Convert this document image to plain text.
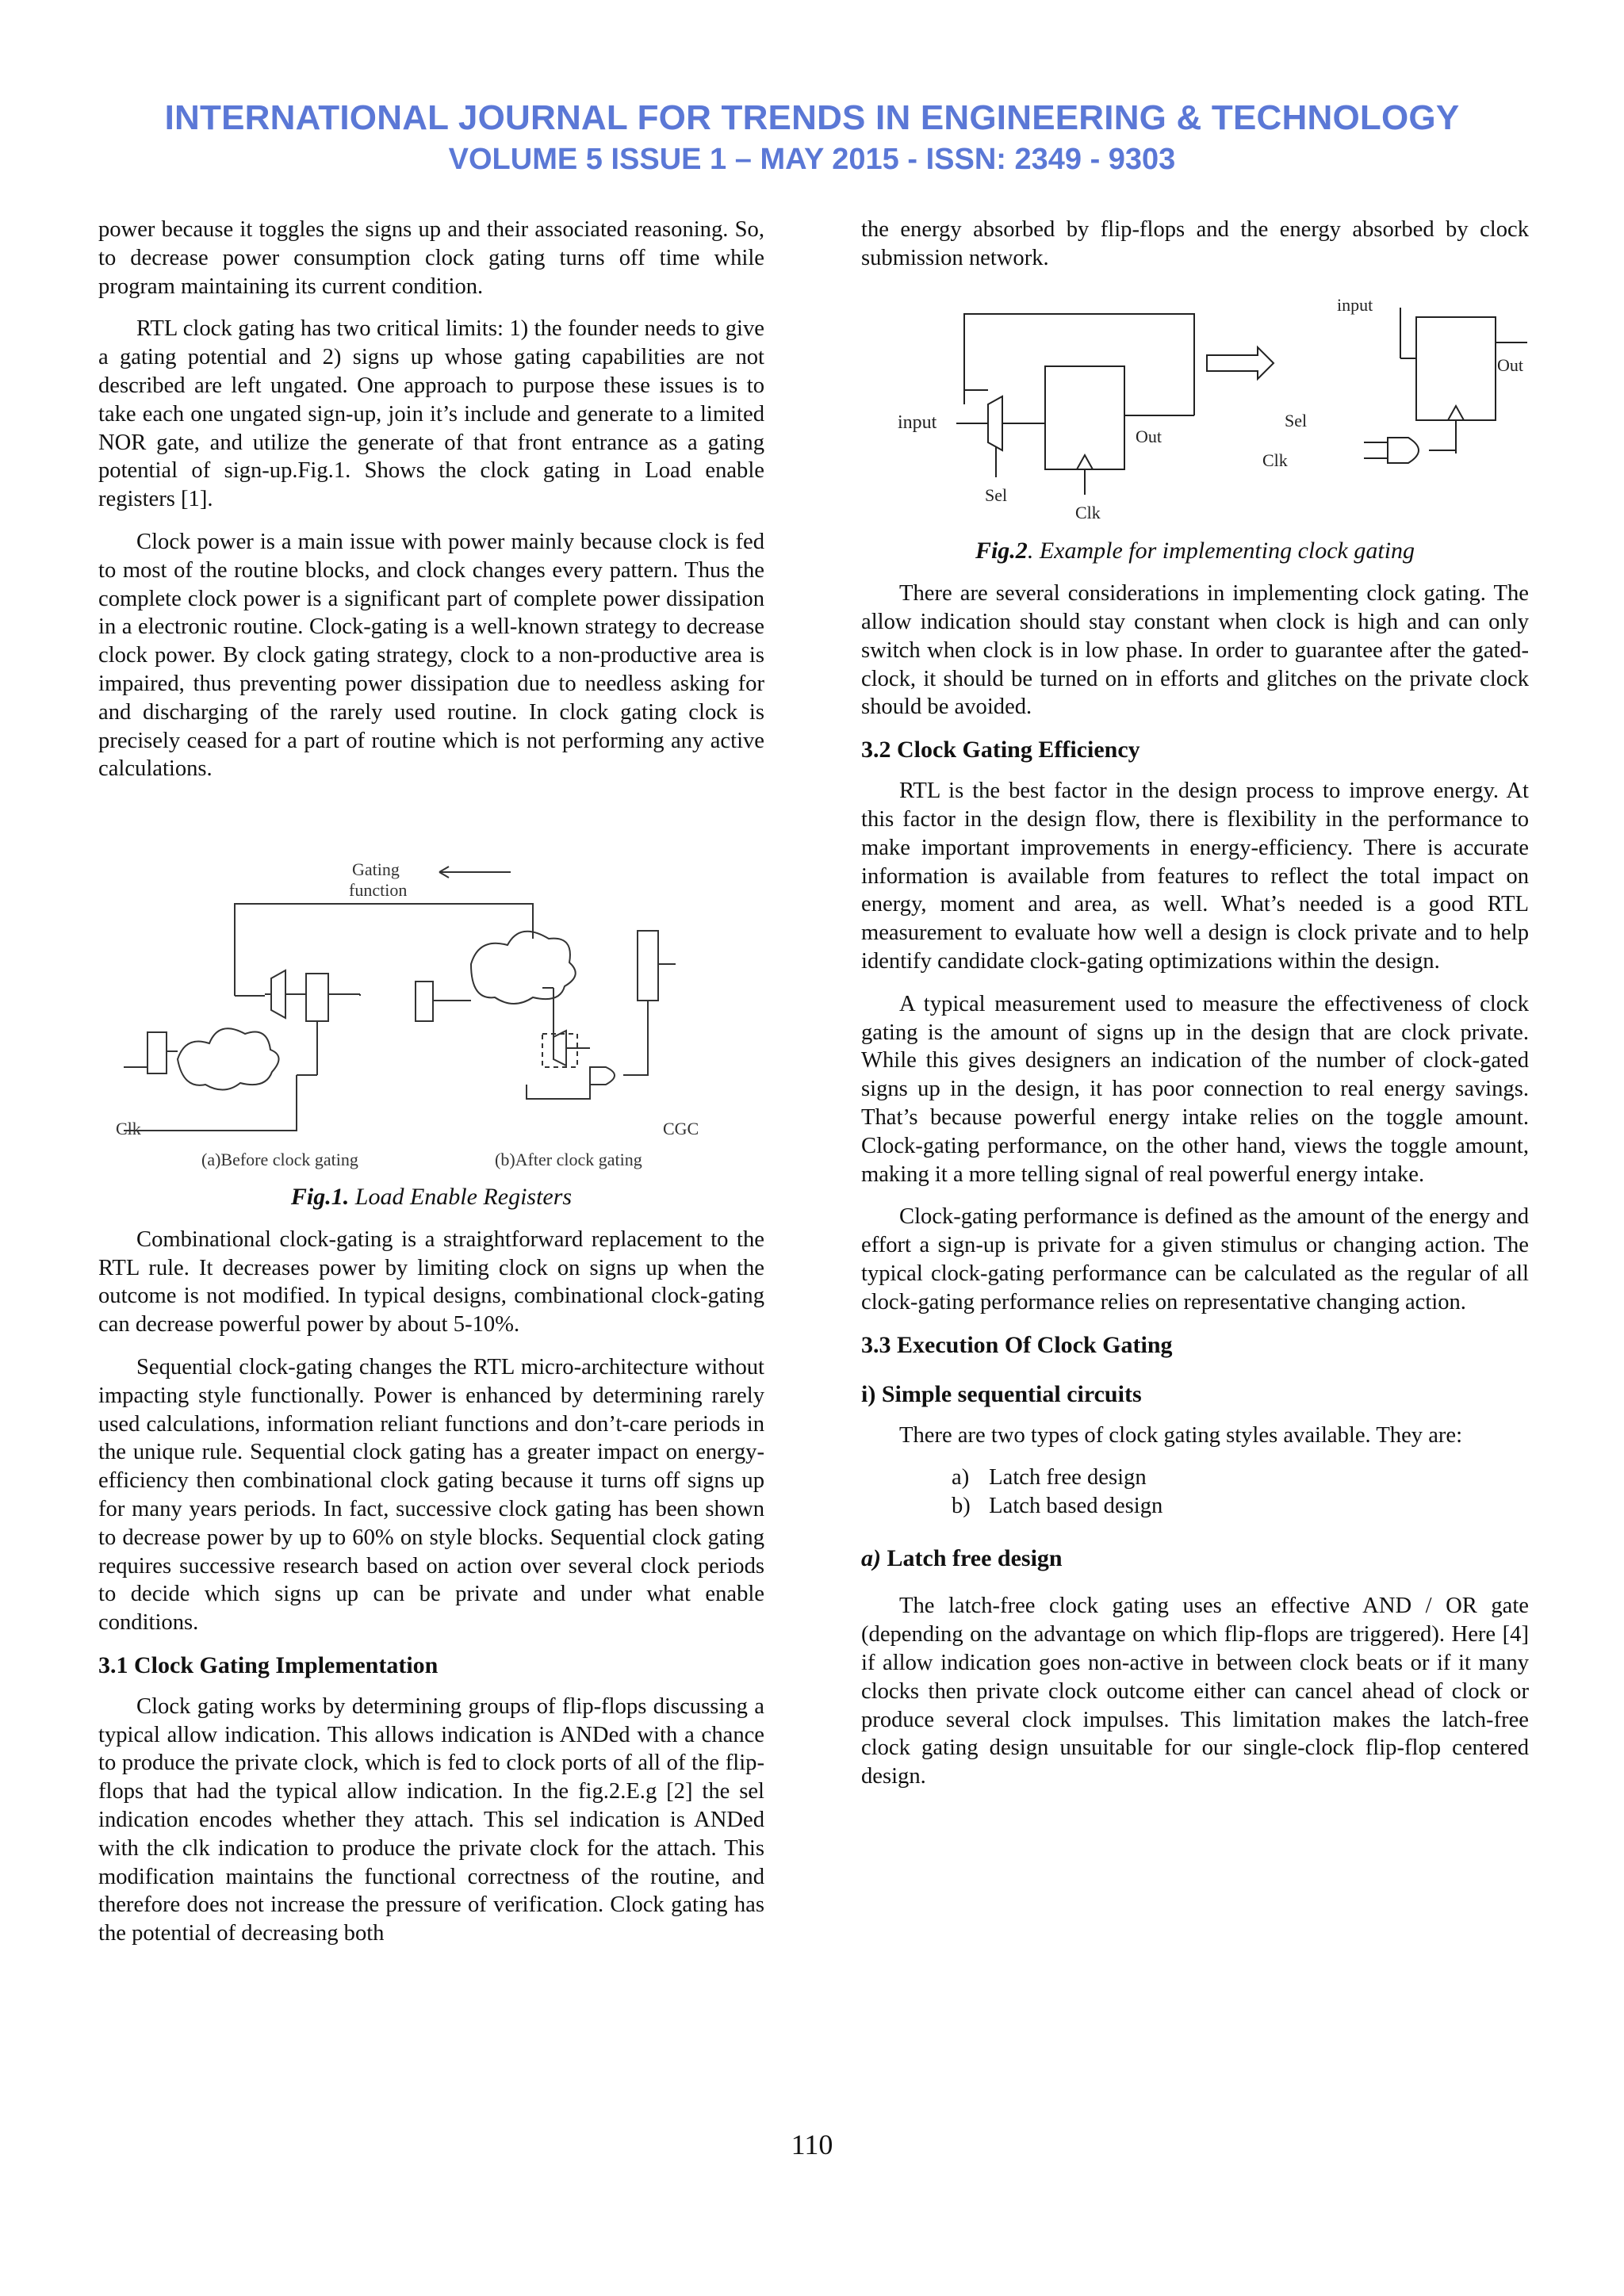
INTERNATIONAL JOURNAL FOR TRENDS IN ENGINEERING & TECHNOLOGY
VOLUME 5 ISSUE 1 – MAY 2015 - ISSN: 2349 - 9303

power because it toggles the signs up and their associated reasoning. So, to decrease power consumption clock gating turns off time while program maintaining its current condition.

RTL clock gating has two critical limits: 1) the founder needs to give a gating potential and 2) signs up whose gating capabilities are not described are left ungated. One approach to purpose these issues is to take each one ungated sign-up, join it’s include and generate to a limited NOR gate, and utilize the generate of that front entrance as a gating potential of sign-up.Fig.1. Shows the clock gating in Load enable registers [1].

Clock power is a main issue with power mainly because clock is fed to most of the routine blocks, and clock changes every pattern. Thus the complete clock power is a significant part of complete power dissipation in a electronic routine. Clock-gating is a well-known strategy to decrease clock power. By clock gating strategy, clock to a non-productive area is impaired, thus preventing power dissipation due to needless asking for and discharging of the rarely used routine. In clock gating clock is precisely ceased for a part of routine which is not performing any active calculations.

Gating
function
Clk	CGC
(a)Before clock gating	(b)After clock gating
Fig.1. Load Enable Registers

Combinational clock-gating is a straightforward replacement to the RTL rule. It decreases power by limiting clock on signs up when the outcome is not modified. In typical designs, combinational clock-gating can decrease powerful power by about 5-10%.

Sequential clock-gating changes the RTL micro-architecture without impacting style functionally. Power is enhanced by determining rarely used calculations, information reliant functions and don’t-care periods in the unique rule. Sequential clock gating has a greater impact on energy-efficiency then combinational clock gating because it turns off signs up for many years periods. In fact, successive clock gating has been shown to decrease power by up to 60% on style blocks. Sequential clock gating requires successive research based on action over several clock periods to decide which signs up can be private and under what enable conditions.

3.1 Clock Gating Implementation

Clock gating works by determining groups of flip-flops discussing a typical allow indication. This allows indication is ANDed with a chance to produce the private clock, which is fed to clock ports of all of the flip-flops that had the typical allow indication. In the fig.2.E.g [2] the sel indication encodes whether they attach. This sel indication is ANDed with the clk indication to produce the private clock for the attach. This modification maintains the functional correctness of the routine, and therefore does not increase the pressure of verification. Clock gating has the potential of decreasing both

the energy absorbed by flip-flops and the energy absorbed by clock submission network.

input
Sel
Clk
Out
input
Out
Sel
Clk
Fig.2. Example for implementing clock gating

There are several considerations in implementing clock gating. The allow indication should stay constant when clock is high and can only switch when clock is in low phase. In order to guarantee after the gated-clock, it should be turned on in efforts and glitches on the private clock should be avoided.

3.2 Clock Gating Efficiency

RTL is the best factor in the design process to improve energy. At this factor in the design flow, there is flexibility in the performance to make important improvements in energy-efficiency. There is accurate information is available from features to reflect the total impact on energy, moment and area, as well. What’s needed is a good RTL measurement to evaluate how well a design is clock private and to help identify candidate clock-gating optimizations within the design.

A typical measurement used to measure the effectiveness of clock gating is the amount of signs up in the design that are clock private. While this gives designers an indication of the number of clock-gated signs up in the design, it has poor connection to real energy savings. That’s because powerful energy intake relies on the toggle amount. Clock-gating performance, on the other hand, views the toggle amount, making it a more telling signal of real powerful energy intake.

Clock-gating performance is defined as the amount of the energy and effort a sign-up is private for a given stimulus or changing action. The typical clock-gating performance can be calculated as the regular of all clock-gating performance relies on representative changing action.

3.3 Execution Of Clock Gating
i) Simple sequential circuits

There are two types of clock gating styles available. They are:

a) Latch free design
b) Latch based design
a) Latch free design

The latch-free clock gating uses an effective AND / OR gate (depending on the advantage on which flip-flops are triggered). Here [4] if allow indication goes non-active in between clock beats or if it many clocks then private clock outcome either can cancel ahead of clock or produce several clock impulses. This limitation makes the latch-free clock gating design unsuitable for our single-clock flip-flop centered design.

110
